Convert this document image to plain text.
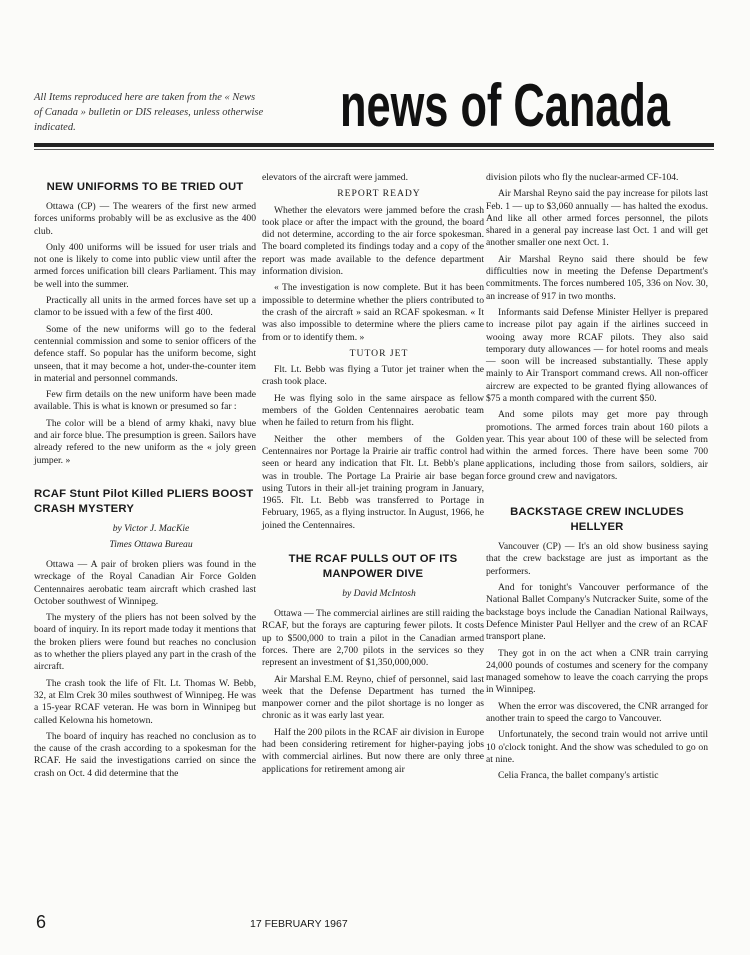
All Items reproduced here are taken from the « News of Canada » bulletin or DIS releases, unless otherwise indicated.	news of Canada
NEW UNIFORMS TO BE TRIED OUT

Ottawa (CP) — The wearers of the first new armed forces uniforms probably will be as exclusive as the 400 club.

Only 400 uniforms will be issued for user trials and not one is likely to come into public view until after the armed forces unification bill clears Parliament. This may be well into the summer.

Practically all units in the armed forces have set up a clamor to be issued with a few of the first 400.

Some of the new uniforms will go to the federal centennial commission and some to senior officers of the defence staff. So popular has the uniform become, sight unseen, that it may become a hot, under-the-counter item in material and personnel commands.

Few firm details on the new uniform have been made available. This is what is known or presumed so far :

The color will be a blend of army khaki, navy blue and air force blue. The presumption is green. Sailors have already refered to the new uniform as the « joly green jumper. »

RCAF Stunt Pilot Killed PLIERS BOOST CRASH MYSTERY

by Victor J. MacKie

Times Ottawa Bureau

Ottawa — A pair of broken pliers was found in the wreckage of the Royal Canadian Air Force Golden Centennaires aerobatic team aircraft which crashed last October southwest of Winnipeg.

The mystery of the pliers has not been solved by the board of inquiry. In its report made today it mentions that the broken pliers were found but reaches no conclusion as to whether the pliers played any part in the crash of the aircraft.

The crash took the life of Flt. Lt. Thomas W. Bebb, 32, at Elm Crek 30 miles southwest of Winnipeg. He was a 15-year RCAF veteran. He was born in Winnipeg but called Kelowna his hometown.

The board of inquiry has reached no conclusion as to the cause of the crash according to a spokesman for the RCAF. He said the investigations carried on since the crash on Oct. 4 did determine that the

elevators of the aircraft were jammed.

REPORT READY

Whether the elevators were jammed before the crash took place or after the impact with the ground, the board did not determine, according to the air force spokesman. The board completed its findings today and a copy of the report was made available to the defence department information division.

« The investigation is now complete. But it has been impossible to determine whether the pliers contributed to the crash of the aircraft » said an RCAF spokesman. « It was also impossible to determine where the pliers came from or to identify them. »

TUTOR JET

Flt. Lt. Bebb was flying a Tutor jet trainer when the crash took place.

He was flying solo in the same airspace as fellow members of the Golden Centennaires aerobatic team when he failed to return from his flight.

Neither the other members of the Golden Centennaires nor Portage la Prairie air traffic control had seen or heard any indication that Flt. Lt. Bebb's plane was in trouble. The Portage La Prairie air base began using Tutors in their all-jet training program in January, 1965. Flt. Lt. Bebb was transferred to Portage in February, 1965, as a flying instructor. In August, 1966, he joined the Centennaires.

THE RCAF PULLS OUT OF ITS MANPOWER DIVE

by David McIntosh

Ottawa — The commercial airlines are still raiding the RCAF, but the forays are capturing fewer pilots. It costs up to $500,000 to train a pilot in the Canadian armed forces. There are 2,700 pilots in the services so they represent an investment of $1,350,000,000.

Air Marshal E.M. Reyno, chief of personnel, said last week that the Defense Department has turned the manpower corner and the pilot shortage is no longer as chronic as it was early last year.

Half the 200 pilots in the RCAF air division in Europe had been considering retirement for higher-paying jobs with commercial airlines. But now there are only three applications for retirement among air

division pilots who fly the nuclear-armed CF-104.

Air Marshal Reyno said the pay increase for pilots last Feb. 1 — up to $3,060 annually — has halted the exodus. And like all other armed forces personnel, the pilots shared in a general pay increase last Oct. 1 and will get another smaller one next Oct. 1.

Air Marshal Reyno said there should be few difficulties now in meeting the Defense Department's commitments. The forces numbered 105, 336 on Nov. 30, an increase of 917 in two months.

Informants said Defense Minister Hellyer is prepared to increase pilot pay again if the airlines succeed in wooing away more RCAF pilots. They also said temporary duty allowances — for hotel rooms and meals — soon will be increased substantially. These apply mainly to Air Transport command crews. All non-officer aircrew are expected to be granted flying allowances of $75 a month compared with the current $50.

And some pilots may get more pay through promotions. The armed forces train about 160 pilots a year. This year about 100 of these will be selected from within the armed forces. There have been some 700 applications, including those from sailors, soldiers, air force ground crew and navigators.

BACKSTAGE CREW INCLUDES HELLYER

Vancouver (CP) — It's an old show business saying that the crew backstage are just as important as the performers.

And for tonight's Vancouver performance of the National Ballet Company's Nutcracker Suite, some of the backstage boys include the Canadian National Railways, Defence Minister Paul Hellyer and the crew of an RCAF transport plane.

They got in on the act when a CNR train carrying 24,000 pounds of costumes and scenery for the company managed somehow to leave the coach carrying the props in Winnipeg.

When the error was discovered, the CNR arranged for another train to speed the cargo to Vancouver.

Unfortunately, the second train would not arrive until 10 o'clock tonight. And the show was scheduled to go on at nine.

Celia Franca, the ballet company's artistic

6	17 FEBRUARY 1967
